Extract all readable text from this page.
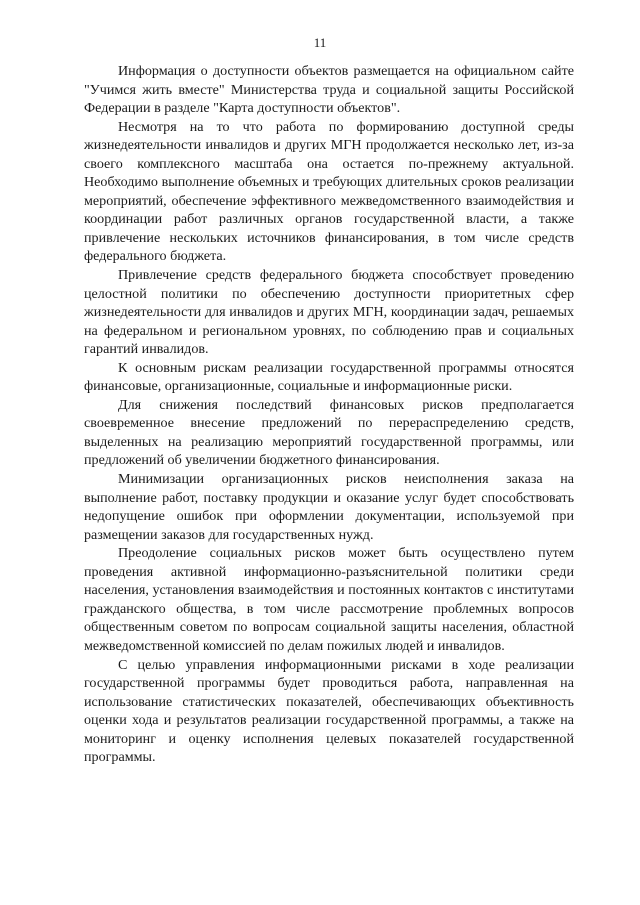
11

Информация о доступности объектов размещается на официальном сайте "Учимся жить вместе" Министерства труда и социальной защиты Российской Федерации в разделе "Карта доступности объектов".

Несмотря на то что работа по формированию доступной среды жизнедеятельности инвалидов и других МГН продолжается несколько лет, из-за своего комплексного масштаба она остается по-прежнему актуальной. Необходимо выполнение объемных и требующих длительных сроков реализации мероприятий, обеспечение эффективного межведомственного взаимодействия и координации работ различных органов государственной власти, а также привлечение нескольких источников финансирования, в том числе средств федерального бюджета.

Привлечение средств федерального бюджета способствует проведению целостной политики по обеспечению доступности приоритетных сфер жизнедеятельности для инвалидов и других МГН, координации задач, решаемых на федеральном и региональном уровнях, по соблюдению прав и социальных гарантий инвалидов.

К основным рискам реализации государственной программы относятся финансовые, организационные, социальные и информационные риски.

Для снижения последствий финансовых рисков предполагается своевременное внесение предложений по перераспределению средств, выделенных на реализацию мероприятий государственной программы, или предложений об увеличении бюджетного финансирования.

Минимизации организационных рисков неисполнения заказа на выполнение работ, поставку продукции и оказание услуг будет способствовать недопущение ошибок при оформлении документации, используемой при размещении заказов для государственных нужд.

Преодоление социальных рисков может быть осуществлено путем проведения активной информационно-разъяснительной политики среди населения, установления взаимодействия и постоянных контактов с институтами гражданского общества, в том числе рассмотрение проблемных вопросов общественным советом по вопросам социальной защиты населения, областной межведомственной комиссией по делам пожилых людей и инвалидов.

С целью управления информационными рисками в ходе реализации государственной программы будет проводиться работа, направленная на использование статистических показателей, обеспечивающих объективность оценки хода и результатов реализации государственной программы, а также на мониторинг и оценку исполнения целевых показателей государственной программы.
